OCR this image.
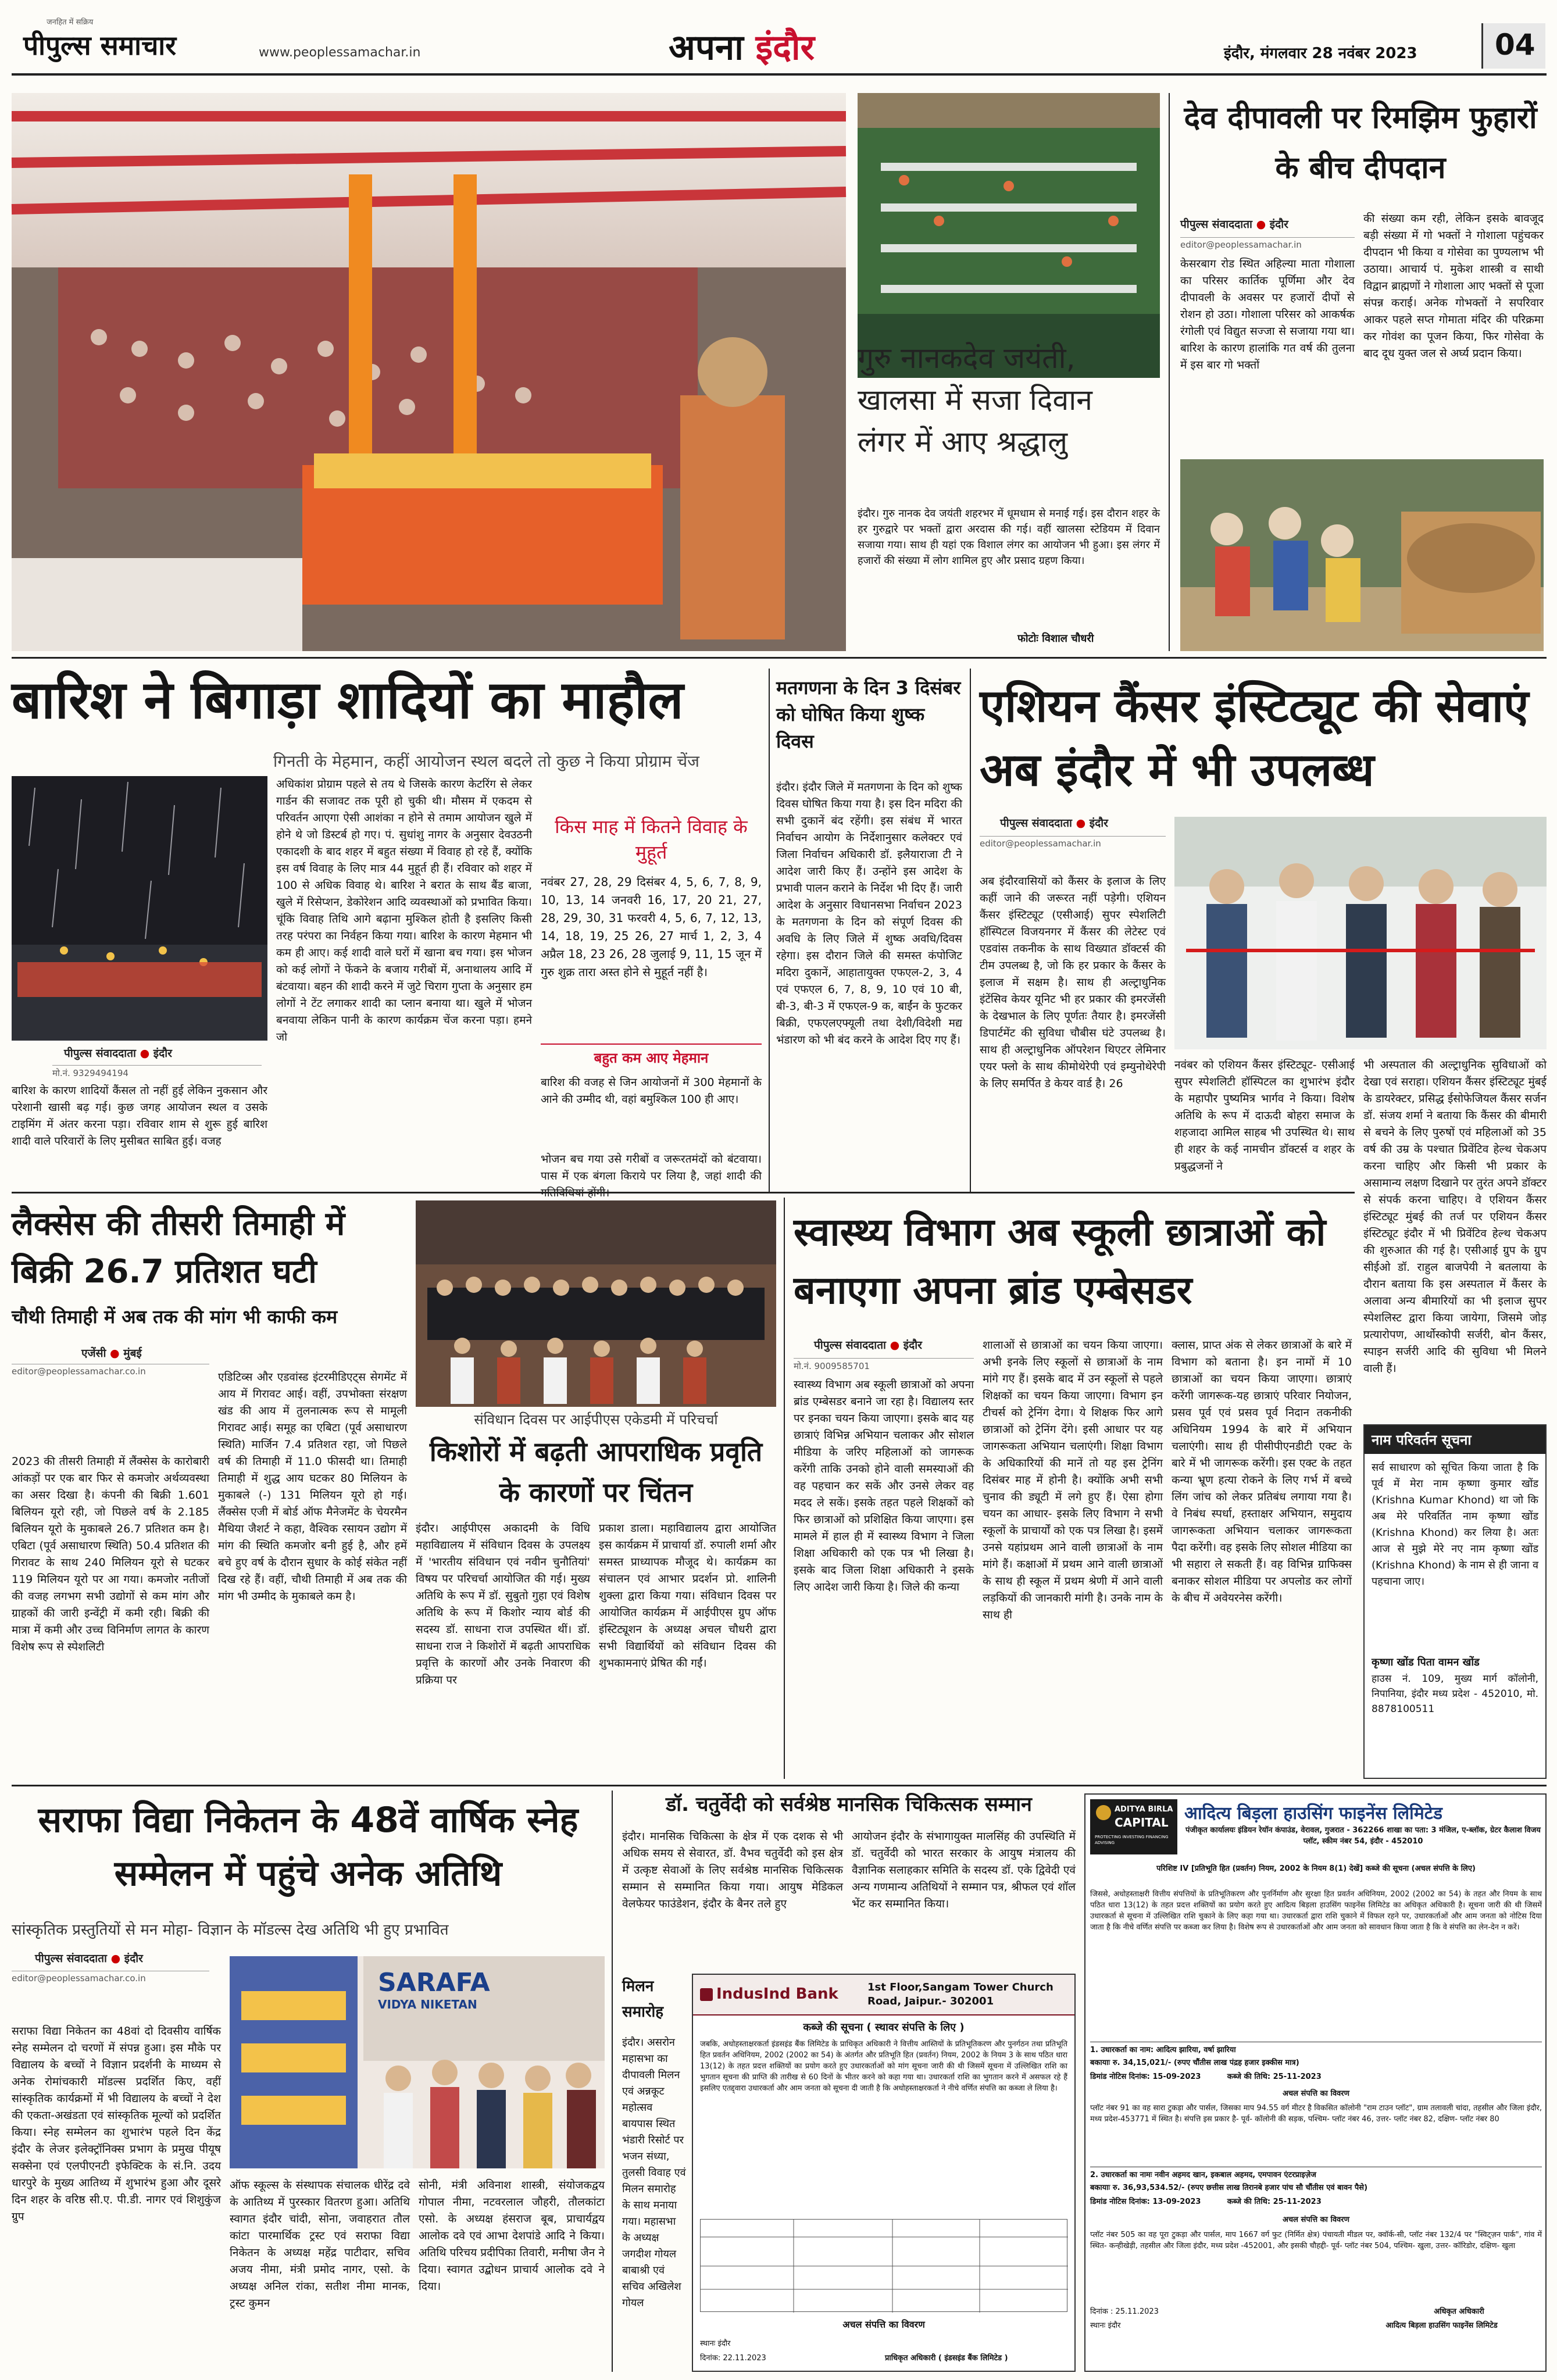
पीपुल्स समाचार
जनहित में सक्रिय
www.peoplessamachar.in	अपना इंदौर	इंदौर, मंगलवार 28 नवंबर 2023	04
गुरु नानकदेव जयंती,
खालसा में सजा दिवान
लंगर में आए श्रद्धालु
इंदौर। गुरु नानक देव जयंती शहरभर में धूमधाम से मनाई गई। इस दौरान शहर के हर गुरुद्वारे पर भक्तों द्वारा अरदास की गई। वहीं खालसा स्टेडियम में दिवान सजाया गया। साथ ही यहां एक विशाल लंगर का आयोजन भी हुआ। इस लंगर में हजारों की संख्या में लोग शामिल हुए और प्रसाद ग्रहण किया।
फोटोः विशाल चौधरी
देव दीपावली पर रिमझिम फुहारों के बीच दीपदान
पीपुल्स संवाददाता ● इंदौर
editor@peoplessamachar.in
केसरबाग रोड स्थित अहिल्या माता गोशाला का परिसर कार्तिक पूर्णिमा और देव दीपावली के अवसर पर हजारों दीपों से रोशन हो उठा। गोशाला परिसर को आकर्षक रंगोली एवं विद्युत सज्जा से सजाया गया था। बारिश के कारण हालांकि गत वर्ष की तुलना में इस बार गो भक्तों
की संख्या कम रही, लेकिन इसके बावजूद बड़ी संख्या में गो भक्तों ने गोशाला पहुंचकर दीपदान भी किया व गोसेवा का पुण्यलाभ भी उठाया। आचार्य पं. मुकेश शास्त्री व साथी विद्वान ब्राह्मणों ने गोशाला आए भक्तों से पूजा संपन्न कराई। अनेक गोभक्तों ने सपरिवार आकर पहले सप्त गोमाता मंदिर की परिक्रमा कर गोवंश का पूजन किया, फिर गोसेवा के बाद दूध युक्त जल से अर्घ्य प्रदान किया।
बारिश ने बिगाड़ा शादियों का माहौल
गिनती के मेहमान, कहीं आयोजन स्थल बदले तो कुछ ने किया प्रोग्राम चेंज
पीपुल्स संवाददाता ● इंदौर
मो.नं. 9329494194
बारिश के कारण शादियों कैंसल तो नहीं हुई लेकिन नुकसान और परेशानी खासी बढ़ गई। कुछ जगह आयोजन स्थल व उसके टाइमिंग में अंतर करना पड़ा। रविवार शाम से शुरू हुई बारिश शादी वाले परिवारों के लिए मुसीबत साबित हुई। वजह
अधिकांश प्रोग्राम पहले से तय थे जिसके कारण केटरिंग से लेकर गार्डन की सजावट तक पूरी हो चुकी थी। मौसम में एकदम से परिवर्तन आएगा ऐसी आशंका न होने से तमाम आयोजन खुले में होने थे जो डिस्टर्ब हो गए। पं. सुधांशु नागर के अनुसार देवउठनी एकादशी के बाद शहर में बहुत संख्या में विवाह हो रहे हैं, क्योंकि इस वर्ष विवाह के लिए मात्र 44 मुहूर्त ही हैं। रविवार को शहर में 100 से अधिक विवाह थे। बारिश ने बरात के साथ बैंड बाजा, खुले में रिसेप्शन, डेकोरेशन आदि व्यवस्थाओं को प्रभावित किया। चूंकि विवाह तिथि आगे बढ़ाना मुश्किल होती है इसलिए किसी तरह परंपरा का निर्वहन किया गया। बारिश के कारण मेहमान भी कम ही आए। कई शादी वाले घरों में खाना बच गया। इस भोजन को कई लोगों ने फेंकने के बजाय गरीबों में, अनाथालय आदि में बंटवाया। बहन की शादी करने में जुटे चिराग गुप्ता के अनुसार हम लोगों ने टेंट लगाकर शादी का प्लान बनाया था। खुले में भोजन बनवाया लेकिन पानी के कारण कार्यक्रम चेंज करना पड़ा। हमने जो
किस माह में कितने विवाह के मुहूर्त
नवंबर 27, 28, 29 दिसंबर 4, 5, 6, 7, 8, 9, 10, 13, 14 जनवरी 16, 17, 20 21, 27, 28, 29, 30, 31 फरवरी 4, 5, 6, 7, 12, 13, 14, 18, 19, 25 26, 27 मार्च 1, 2, 3, 4 अप्रैल 18, 23 26, 28 जुलाई 9, 11, 15 जून में गुरु शुक्र तारा अस्त होने से मुहूर्त नहीं है।
बहुत कम आए मेहमान
बारिश की वजह से जिन आयोजनों में 300 मेहमानों के आने की उम्मीद थी, वहां बमुश्किल 100 ही आए।
भोजन बच गया उसे गरीबों व जरूरतमंदों को बंटवाया। पास में एक बंगला किराये पर लिया है, जहां शादी की
मतगणना के दिन 3 दिसंबर को घोषित किया शुष्क दिवस
इंदौर। इंदौर जिले में मतगणना के दिन को शुष्क दिवस घोषित किया गया है। इस दिन मदिरा की सभी दुकानें बंद रहेंगी। इस संबंध में भारत निर्वाचन आयोग के निर्देशानुसार कलेक्टर एवं जिला निर्वाचन अधिकारी डॉ. इलैयाराजा टी ने आदेश जारी किए हैं। उन्होंने इस आदेश के प्रभावी पालन कराने के निर्देश भी दिए हैं। जारी आदेश के अनुसार विधानसभा निर्वाचन 2023 के मतगणना के दिन को संपूर्ण दिवस की अवधि के लिए जिले में शुष्क अवधि/दिवस रहेगा। इस दौरान जिले की समस्त कंपोजिट मदिरा दुकानें, आहातायुक्त एफएल-2, 3, 4 एवं एफएल 6, 7, 8, 9, 10 एवं 10 बी, बी-3, बी-3 में एफएल-9 क, बाईंन के फुटकर बिक्री, एफएलएफ्यूली तथा देशी/विदेशी मद्य भंडारण को भी बंद करने के आदेश दिए गए हैं।
एशियन कैंसर इंस्टिट्यूट की सेवाएं अब इंदौर में भी उपलब्ध
पीपुल्स संवाददाता ● इंदौर
editor@peoplessamachar.in
अब इंदौरवासियों को कैंसर के इलाज के लिए कहीं जाने की जरूरत नहीं पड़ेगी। एशियन कैंसर इंस्टिट्यूट (एसीआई) सुपर स्पेशलिटी हॉस्पिटल विजयनगर में कैंसर की लेटेस्ट एवं एडवांस तकनीक के साथ विख्यात डॉक्टर्स की टीम उपलब्ध है, जो कि हर प्रकार के कैंसर के इलाज में सक्षम है। साथ ही अल्ट्राधुनिक इंटेंसिव केयर यूनिट भी हर प्रकार की इमरजेंसी के देखभाल के लिए पूर्णतः तैयार है। इमरजेंसी डिपार्टमेंट की सुविधा चौबीस घंटे उपलब्ध है। साथ ही अल्ट्राधुनिक ऑपरेशन थिएटर लेमिनार एयर फ्लो के साथ कीमोथेरेपी एवं इम्युनोथेरेपी के लिए समर्पित डे केयर वार्ड है। 26
नवंबर को एशियन कैंसर इंस्टिट्यूट- एसीआई सुपर स्पेशलिटी हॉस्पिटल का शुभारंभ इंदौर के महापौर पुष्यमित्र भार्गव ने किया। विशेष अतिथि के रूप में दाऊदी बोहरा समाज के शहजादा आमिल साहब भी उपस्थित थे। साथ ही शहर के कई नामचीन डॉक्टर्स व शहर के प्रबुद्धजनों ने
भी अस्पताल की अल्ट्राधुनिक सुविधाओं को देखा एवं सराहा। एशियन कैंसर इंस्टिट्यूट मुंबई के डायरेक्टर, प्रसिद्ध ईसोफेजियल कैंसर सर्जन डॉ. संजय शर्मा ने बताया कि कैंसर की बीमारी से बचने के लिए पुरुषों एवं महिलाओं को 35 वर्ष की उम्र के पश्चात प्रिवेंटिव हेल्थ चेकअप करना चाहिए और किसी भी प्रकार के असामान्य लक्षण दिखाने पर तुरंत अपने डॉक्टर से संपर्क करना चाहिए। वे एशियन कैंसर इंस्टिट्यूट मुंबई की तर्ज पर एशियन कैंसर इंस्टिट्यूट इंदौर में भी प्रिवेंटिव हेल्थ चेकअप की शुरुआत की गई है। एसीआई ग्रुप के ग्रुप सीईओ डॉ. राहुल बाजपेयी ने बतलाया के दौरान बताया कि इस अस्पताल में कैंसर के अलावा अन्य बीमारियों का भी इलाज सुपर स्पेशलिस्ट द्वारा किया जायेगा, जिसमे जोड़ प्रत्यारोपण, आर्थोस्कोपी सर्जरी, बोन कैंसर, स्पाइन सर्जरी आदि की सुविधा भी मिलने वाली हैं।
लैक्सेस की तीसरी तिमाही में बिक्री 26.7 प्रतिशत घटी
चौथी तिमाही में अब तक की मांग भी काफी कम
एजेंसी ● मुंबई
editor@peoplessamachar.co.in
2023 की तीसरी तिमाही में लैंक्सेस के कारोबारी आंकड़ों पर एक बार फिर से कमजोर अर्थव्यवस्था का असर दिखा है। कंपनी की बिक्री 1.601 बिलियन यूरो रही, जो पिछले वर्ष के 2.185 बिलियन यूरो के मुकाबले 26.7 प्रतिशत कम है। एबिटा (पूर्व असाधारण स्थिति) 50.4 प्रतिशत की गिरावट के साथ 240 मिलियन यूरो से घटकर 119 मिलियन यूरो पर आ गया। कमजोर नतीजों की वजह लगभग सभी उद्योगों से कम मांग और ग्राहकों की जारी इन्वेंट्री में कमी रही। बिक्री की मात्रा में कमी और उच्च विनिर्माण लागत के कारण विशेष रूप से स्पेशलिटी
एडिटिव्स और एडवांस्ड इंटरमीडिएट्स सेगमेंट में आय में गिरावट आई। वहीं, उपभोक्ता संरक्षण खंड की आय में तुलनात्मक रूप से मामूली गिरावट आई। समूह का एबिटा (पूर्व असाधारण स्थिति) मार्जिन 7.4 प्रतिशत रहा, जो पिछले वर्ष की तिमाही में 11.0 फीसदी था। तिमाही तिमाही में शुद्ध आय घटकर 80 मिलियन के मुकाबले (-) 131 मिलियन यूरो हो गई। लैंक्सेस एजी में बोर्ड ऑफ मैनेजमेंट के चेयरमैन मैथिया जैशर्ट ने कहा, वैश्विक रसायन उद्योग में मांग की स्थिति कमजोर बनी हुई है, और हमें बचे हुए वर्ष के दौरान सुधार के कोई संकेत नहीं दिख रहे हैं। वहीं, चौथी तिमाही में अब तक की मांग भी उम्मीद के मुकाबले कम है।
संविधान दिवस पर आईपीएस एकेडमी में परिचर्चा
किशोरों में बढ़ती आपराधिक प्रवृति के कारणों पर चिंतन
इंदौर। आईपीएस अकादमी के विधि महाविद्यालय में संविधान दिवस के उपलक्ष्य में 'भारतीय संविधान एवं नवीन चुनौतियां' विषय पर परिचर्चा आयोजित की गई। मुख्य अतिथि के रूप में डॉ. सुबुतो गुहा एवं विशेष अतिथि के रूप में किशोर न्याय बोर्ड की सदस्य डॉ. साधना राज उपस्थित थीं। डॉ. साधना राज ने किशोरों में बढ़ती आपराधिक प्रवृत्ति के कारणों और उनके निवारण की प्रक्रिया पर
प्रकाश डाला। महाविद्यालय द्वारा आयोजित इस कार्यक्रम में प्राचार्या डॉ. रुपाली शर्मा और समस्त प्राध्यापक मौजूद थे। कार्यक्रम का संचालन एवं आभार प्रदर्शन प्रो. शालिनी शुक्ला द्वारा किया गया। संविधान दिवस पर आयोजित कार्यक्रम में आईपीएस ग्रुप ऑफ इंस्टिट्यूशन के अध्यक्ष अचल चौधरी द्वारा सभी विद्यार्थियों को संविधान दिवस की शुभकामनाएं प्रेषित की गईं।
स्वास्थ्य विभाग अब स्कूली छात्राओं को बनाएगा अपना ब्रांड एम्बेसडर
पीपुल्स संवाददाता ● इंदौर
मो.नं. 9009585701
स्वास्थ्य विभाग अब स्कूली छात्राओं को अपना ब्रांड एम्बेसडर बनाने जा रहा है। विद्यालय स्तर पर इनका चयन किया जाएगा। इसके बाद यह छात्राएं विभिन्न अभियान चलाकर और सोशल मीडिया के जरिए महिलाओं को जागरूक करेंगी ताकि उनको होने वाली समस्याओं की वह पहचान कर सकें और उनसे लेकर वह मदद ले सकें। इसके तहत पहले शिक्षकों को फिर छात्राओं को प्रशिक्षित किया जाएगा। इस मामले में हाल ही में स्वास्थ्य विभाग ने जिला शिक्षा अधिकारी को एक पत्र भी लिखा है। इसके बाद जिला शिक्षा अधिकारी ने इसके लिए आदेश जारी किया है। जिले की कन्या
शालाओं से छात्राओं का चयन किया जाएगा। अभी इनके लिए स्कूलों से छात्राओं के नाम मांगे गए हैं। इसके बाद में उन स्कूलों से पहले शिक्षकों का चयन किया जाएगा। विभाग इन टीचर्स को ट्रेनिंग देगा। ये शिक्षक फिर आगे छात्राओं को ट्रेनिंग देंगे। इसी आधार पर यह जागरूकता अभियान चलाएंगी। शिक्षा विभाग के अधिकारियों की मानें तो यह इस ट्रेनिंग दिसंबर माह में होनी है। क्योंकि अभी सभी चुनाव की ड्यूटी में लगे हुए हैं। ऐसा होगा चयन का आधार- इसके लिए विभाग ने सभी स्कूलों के प्राचार्यों को एक पत्र लिखा है। इसमें उनसे यहांप्रथम आने वाली छात्राओं के नाम मांगे हैं। कक्षाओं में प्रथम आने वाली छात्राओं के साथ ही स्कूल में प्रथम श्रेणी में आने वाली लड़कियों की जानकारी मांगी है। उनके नाम के साथ ही
क्लास, प्राप्त अंक से लेकर छात्राओं के बारे में विभाग को बताना है। इन नामों में 10 छात्राओं का चयन किया जाएगा। छात्राएं करेंगी जागरूक-यह छात्राएं परिवार नियोजन, प्रसव पूर्व एवं प्रसव पूर्व निदान तकनीकी अधिनियम 1994 के बारे में अभियान चलाएंगी। साथ ही पीसीपीएनडीटी एक्ट के बारे में भी जागरूक करेंगी। इस एक्ट के तहत कन्या भ्रूण हत्या रोकने के लिए गर्भ में बच्चे लिंग जांच को लेकर प्रतिबंध लगाया गया है। वे निबंध स्पर्धा, हस्ताक्षर अभियान, समुदाय जागरूकता अभियान चलाकर जागरूकता पैदा करेंगी। वह इसके लिए सोशल मीडिया का भी सहारा ले सकती हैं। वह विभिन्न ग्राफिक्स बनाकर सोशल मीडिया पर अपलोड कर लोगों के बीच में अवेयरनेस करेंगी।
नाम परिवर्तन सूचना
सर्व साधारण को सूचित किया जाता है कि पूर्व में मेरा नाम कृष्णा कुमार खोंड (Krishna Kumar Khond) था जो कि अब मेरे परिवर्तित नाम कृष्णा खोंड (Krishna Khond) कर लिया है। अतः आज से मुझे मेरे नए नाम कृष्णा खोंड (Krishna Khond) के नाम से ही जाना व पहचाना जाए।
कृष्णा खोंड पिता वामन खोंड
हाउस नं. 109, मुख्य मार्ग कॉलोनी, निपानिया, इंदौर मध्य प्रदेश - 452010, मो. 8878100511
सराफा विद्या निकेतन के 48वें वार्षिक स्नेह सम्मेलन में पहुंचे अनेक अतिथि
सांस्कृतिक प्रस्तुतियों से मन मोहा- विज्ञान के मॉडल्स देख अतिथि भी हुए प्रभावित
पीपुल्स संवाददाता ● इंदौर
editor@peoplessamachar.co.in
सराफा विद्या निकेतन का 48वां दो दिवसीय वार्षिक स्नेह सम्मेलन दो चरणों में संपन्न हुआ। इस मौके पर विद्यालय के बच्चों ने विज्ञान प्रदर्शनी के माध्यम से अनेक रोमांचकारी मॉडल्स प्रदर्शित किए, वहीं सांस्कृतिक कार्यक्रमों में भी विद्यालय के बच्चों ने देश की एकता-अखंडता एवं सांस्कृतिक मूल्यों को प्रदर्शित किया। स्नेह सम्मेलन का शुभारंभ पहले दिन केंद्र इंदौर के लेजर इलेक्ट्रॉनिक्स प्रभाग के प्रमुख पीयूष सक्सेना एवं एलपीएनटी इफेक्टिक के सं.नि. उदय धारपुरे के मुख्य आतिथ्य में शुभारंभ हुआ और दूसरे दिन शहर के वरिष्ठ सी.ए. पी.डी. नागर एवं शिशुकुंज ग्रुप
SARAFA
VIDYA NIKETAN
ऑफ स्कूल्स के संस्थापक संचालक धीरेंद्र दवे के आतिथ्य में पुरस्कार वितरण हुआ। अतिथि स्वागत इंदौर चांदी, सोना, जवाहरात तौल कांटा पारमार्थिक ट्रस्ट एवं सराफा विद्या निकेतन के अध्यक्ष महेंद्र पाटीदार, सचिव अजय नीमा, मंत्री प्रमोद नागर, एसो. के अध्यक्ष अनिल रांका, सतीश नीमा मानक, ट्रस्ट कुमन
सोनी, मंत्री अविनाश शास्त्री, संयोजकद्वय गोपाल नीमा, नटवरलाल जौहरी, तौलकांटा एसो. के अध्यक्ष हंसराज बूब, प्राचार्यद्वय आलोक दवे एवं आभा देशपांडे आदि ने किया। अतिथि परिचय प्रदीपिका तिवारी, मनीषा जैन ने दिया। स्वागत उद्बोधन प्राचार्य आलोक दवे ने दिया।
डॉ. चतुर्वेदी को सर्वश्रेष्ठ मानसिक चिकित्सक सम्मान
इंदौर। मानसिक चिकित्सा के क्षेत्र में एक दशक से भी अधिक समय से सेवारत, डॉ. वैभव चतुर्वेदी को इस क्षेत्र में उत्कृष्ट सेवाओं के लिए सर्वश्रेष्ठ मानसिक चिकित्सक सम्मान से सम्मानित किया गया। आयुष मेडिकल वेलफेयर फाउंडेशन, इंदौर के बैनर तले हुए
आयोजन इंदौर के संभागायुक्त मालसिंह की उपस्थिति में डॉ. चतुर्वेदी को भारत सरकार के आयुष मंत्रालय की वैज्ञानिक सलाहकार समिति के सदस्य डॉ. एके द्विवेदी एवं अन्य गणमान्य अतिथियों ने सम्मान पत्र, श्रीफल एवं शॉल भेंट कर सम्मानित किया।
मिलन समारोह
इंदौर। असरोन महासभा का दीपावली मिलन एवं अन्नकूट महोत्सव बायपास स्थित भंडारी रिसोर्ट पर भजन संध्या, तुलसी विवाह एवं मिलन समारोह के साथ मनाया गया। महासभा के अध्यक्ष जगदीश गोयल बाबाश्री एवं सचिव अखिलेश गोयल
IndusInd Bank	1st Floor,Sangam Tower Church Road, Jaipur.- 302001
कब्जे की सूचना ( स्थावर संपत्ति के लिए )
जबकि, अधोहस्ताक्षरकर्ता इंडसइंड बैंक लिमिटेड के प्राधिकृत अधिकारी ने वित्तीय आस्तियों के प्रतिभूतिकरण और पुनर्गठन तथा प्रतिभूति हित प्रवर्तन अधिनियम, 2002 (2002 का 54) के अंतर्गत और प्रतिभूति हित (प्रवर्तन) नियम, 2002 के नियम 3 के साथ पठित धारा 13(12) के तहत प्रदत्त शक्तियों का प्रयोग करते हुए उधारकर्ताओं को मांग सूचना जारी की थी जिसमें सूचना में उल्लिखित राशि का भुगतान सूचना की प्राप्ति की तारीख से 60 दिनों के भीतर करने को कहा गया था। उधारकर्ता राशि का भुगतान करने में असफल रहे हैं इसलिए एतद्द्वारा उधारकर्ता और आम जनता को सूचना दी जाती है कि अधोहस्ताक्षरकर्ता ने नीचे वर्णित संपत्ति का कब्जा ले लिया है।
अचल संपत्ति का विवरण
स्थानः इंदौर
दिनांक: 22.11.2023	प्राधिकृत अधिकारी ( इंडसइंड बैंक लिमिटेड )
ADITYA BIRLA
CAPITAL
PROTECTING INVESTING FINANCING ADVISING
आदित्य बिड़ला हाउसिंग फाइनेंस लिमिटेड
पंजीकृत कार्यालयः इंडियन रेयॉन कंपाउंड, वेरावल, गुजरात - 362266 शाखा का पता: 3 मंजिल, ए-ब्लॉक, ग्रेटर कैलाश विजय प्लॉट, स्कीम नंबर 54, इंदौर - 452010
परिशिष्ट IV [प्रतिभूति हित (प्रवर्तन) नियम, 2002 के नियम 8(1) देखें] कब्जे की सूचना (अचल संपत्ति के लिए)
जिससे, अधोहस्ताक्षरी वित्तीय संपत्तियों के प्रतिभूतिकरण और पुनर्निर्माण और सुरक्षा हित प्रवर्तन अधिनियम, 2002 (2002 का 54) के तहत और नियम के साथ पठित धारा 13(12) के तहत प्रदत्त शक्तियों का प्रयोग करते हुए आदित्य बिड़ला हाउसिंग फाइनेंस लिमिटेड का अधिकृत अधिकारी है। सूचना जारी की थी जिसमें उधारकर्ता से सूचना में उल्लिखित राशि चुकाने के लिए कहा गया था। उधारकर्ता द्वारा राशि चुकाने में विफल रहने पर, उधारकर्ताओं और आम जनता को नोटिस दिया जाता है कि नीचे वर्णित संपत्ति पर कब्जा कर लिया है। विशेष रूप से उधारकर्ताओं और आम जनता को सावधान किया जाता है कि वे संपत्ति का लेन-देन न करें।
1. उधारकर्ता का नाम: आदित्य झारिया, वर्षा झारिया
बकायाः रु. 34,15,021/- (रुपए चौंतीस लाख पंद्रह हजार इक्कीस मात्र)
डिमांड नोटिस दिनांक: 15-09-2023          कब्जे की तिथि: 25-11-2023
अचल संपत्ति का विवरण
प्लॉट नंबर 91 का वह सारा टुकड़ा और पार्सल, जिसका माप 94.55 वर्ग मीटर है विकसित कॉलोनी "राम टाउन प्लॉट", ग्राम तलावली चांदा, तहसील और जिला इंदौर, मध्य प्रदेश-453771 में स्थित है। संपत्ति इस प्रकार है- पूर्व- कॉलोनी की सड़क, पश्चिम- प्लॉट नंबर 46, उत्तर- प्लॉट नंबर 82, दक्षिण- प्लॉट नंबर 80
2. उधारकर्ता का नामः नवीन अहमद खान, इकबाल अहमद, एमपावन एंटरप्राइज़ेज
बकायाः रु. 36,93,534.52/- (रुपए छत्तीस लाख तिरानबे हजार पांच सौ चौंतीस एवं बावन पैसे)
डिमांड नोटिस दिनांक: 13-09-2023          कब्जे की तिथि: 25-11-2023
अचल संपत्ति का विवरण
प्लॉट नंबर 505 का वह पूरा टुकड़ा और पार्सल, माप 1667 वर्ग फुट (निर्मित क्षेत्र) पंचायती मीडल पर, क्वॉर्क-सी, प्लॉट नंबर 132/4 पर "स्विट्ज़न पार्क", गांव में स्थित- कन्हीखेड़ी, तहसील और जिला इंदौर, मध्य प्रदेश -452001, और इसकी चौहद्दी- पूर्व- प्लॉट नंबर 504, पश्चिम- खुला, उत्तर- कॉरिडोर, दक्षिण- खुला
दिनांक : 25.11.2023
स्थानः इंदौर
अधिकृत अधिकारी
आदित्य बिड़ला हाउसिंग फाइनेंस लिमिटेड
